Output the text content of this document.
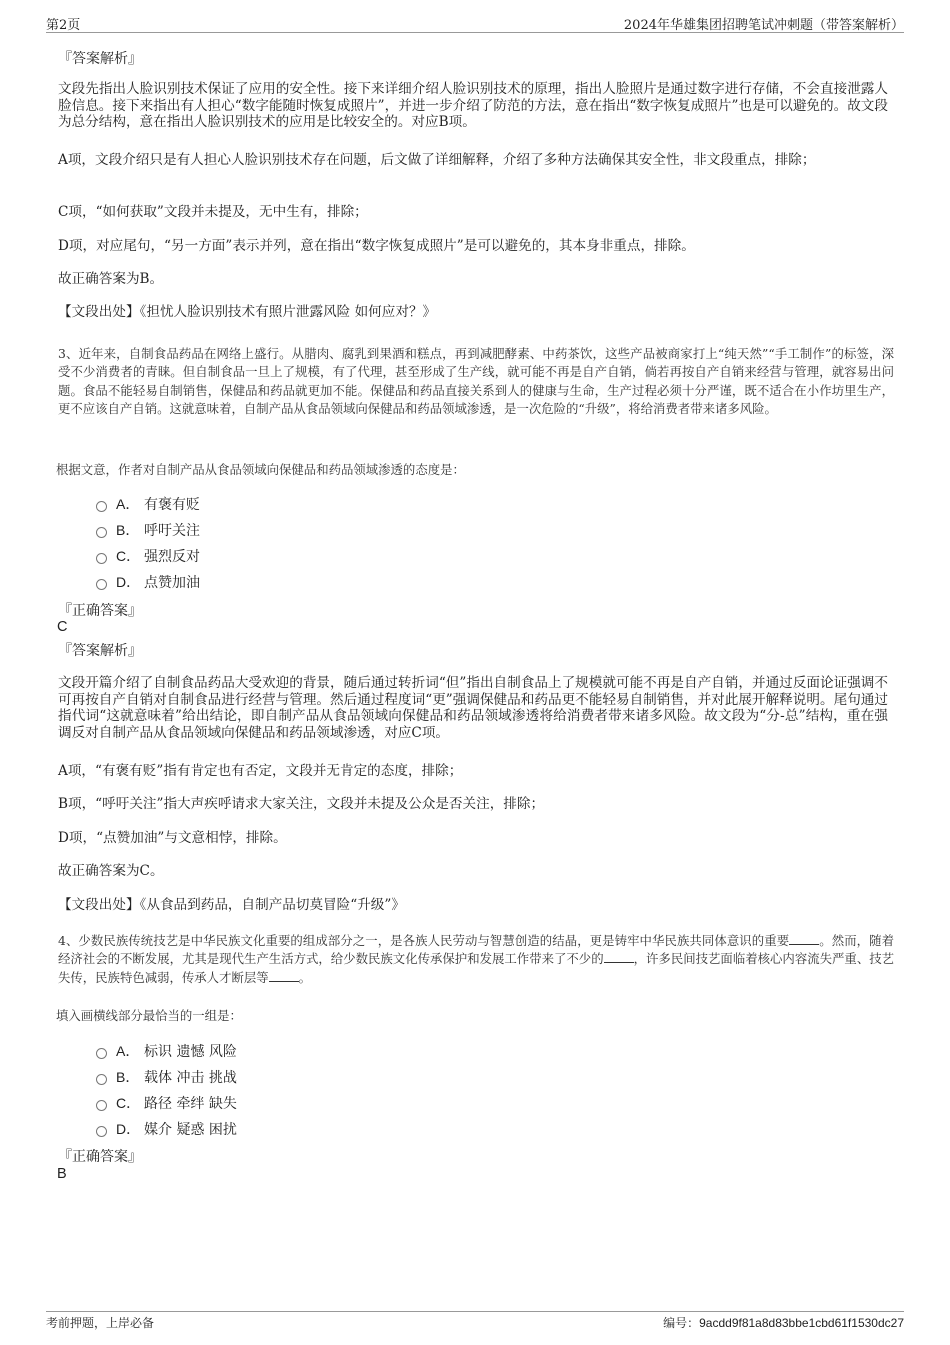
第2页	2024年华雄集团招聘笔试冲刺题（带答案解析）
『答案解析』
文段先指出人脸识别技术保证了应用的安全性。接下来详细介绍人脸识别技术的原理，指出人脸照片是通过数字进行存储，不会直接泄露人脸信息。接下来指出有人担心“数字能随时恢复成照片”，并进一步介绍了防范的方法，意在指出“数字恢复成照片”也是可以避免的。故文段为总分结构，意在指出人脸识别技术的应用是比较安全的。对应B项。
A项，文段介绍只是有人担心人脸识别技术存在问题，后文做了详细解释，介绍了多种方法确保其安全性，非文段重点，排除；
C项，“如何获取”文段并未提及，无中生有，排除；
D项，对应尾句，“另一方面”表示并列，意在指出“数字恢复成照片”是可以避免的，其本身非重点，排除。
故正确答案为B。
【文段出处】《担忧人脸识别技术有照片泄露风险 如何应对？》
3、近年来，自制食品药品在网络上盛行。从腊肉、腐乳到果酒和糕点，再到减肥酵素、中药茶饮，这些产品被商家打上“纯天然”“手工制作”的标签，深受不少消费者的青睐。但自制食品一旦上了规模，有了代理，甚至形成了生产线，就可能不再是自产自销，倘若再按自产自销来经营与管理，就容易出问题。食品不能轻易自制销售，保健品和药品就更加不能。保健品和药品直接关系到人的健康与生命，生产过程必须十分严谨，既不适合在小作坊里生产，更不应该自产自销。这就意味着，自制产品从食品领域向保健品和药品领域渗透，是一次危险的“升级”，将给消费者带来诸多风险。
根据文意，作者对自制产品从食品领域向保健品和药品领域渗透的态度是：
A． 有褒有贬
B． 呼吁关注
C． 强烈反对
D． 点赞加油
『正确答案』
C
『答案解析』
文段开篇介绍了自制食品药品大受欢迎的背景，随后通过转折词“但”指出自制食品上了规模就可能不再是自产自销，并通过反面论证强调不可再按自产自销对自制食品进行经营与管理。然后通过程度词“更”强调保健品和药品更不能轻易自制销售，并对此展开解释说明。尾句通过指代词“这就意味着”给出结论，即自制产品从食品领域向保健品和药品领域渗透将给消费者带来诸多风险。故文段为“分-总”结构，重在强调反对自制产品从食品领域向保健品和药品领域渗透，对应C项。
A项，“有褒有贬”指有肯定也有否定，文段并无肯定的态度，排除；
B项，“呼吁关注”指大声疾呼请求大家关注，文段并未提及公众是否关注，排除；
D项，“点赞加油”与文意相悖，排除。
故正确答案为C。
【文段出处】《从食品到药品，自制产品切莫冒险“升级”》
4、少数民族传统技艺是中华民族文化重要的组成部分之一，是各族人民劳动与智慧创造的结晶，更是铸牢中华民族共同体意识的重要 。然而，随着经济社会的不断发展，尤其是现代生产生活方式，给少数民族文化传承保护和发展工作带来了不少的 ，许多民间技艺面临着核心内容流失严重、技艺失传，民族特色减弱，传承人才断层等 。
填入画横线部分最恰当的一组是：
A． 标识 遗憾 风险
B． 载体 冲击 挑战
C． 路径 牵绊 缺失
D． 媒介 疑惑 困扰
『正确答案』
B
考前押题，上岸必备	编号：9acdd9f81a8d83bbe1cbd61f1530dc27
